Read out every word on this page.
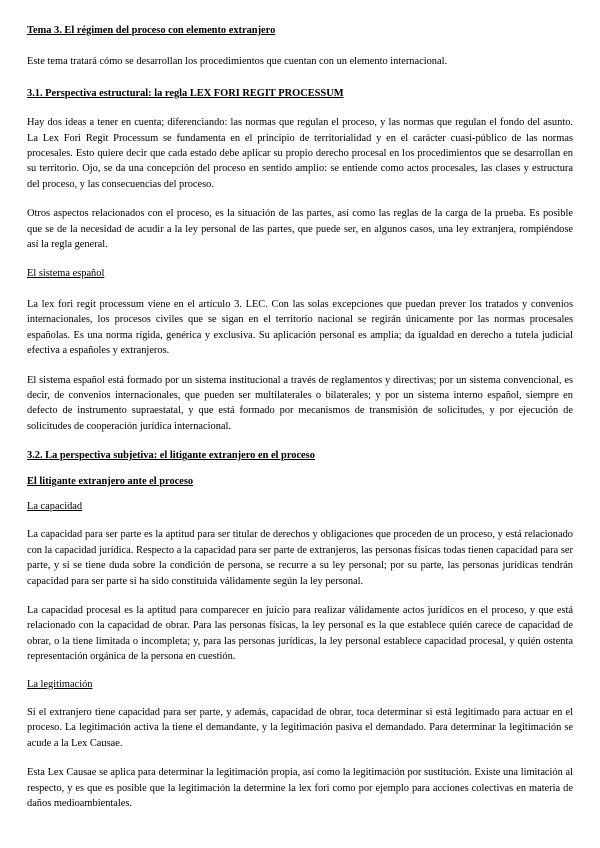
Tema 3. El régimen del proceso con elemento extranjero

Este tema tratará cómo se desarrollan los procedimientos que cuentan con un elemento internacional.

3.1. Perspectiva estructural: la regla LEX FORI REGIT PROCESSUM

Hay dos ideas a tener en cuenta; diferenciando: las normas que regulan el proceso, y las normas que regulan el fondo del asunto. La Lex Fori Regit Processum se fundamenta en el principio de territorialidad y en el carácter cuasi-público de las normas procesales. Esto quiere decir que cada estado debe aplicar su propio derecho procesal en los procedimientos que se desarrollan en su territorio. Ojo, se da una concepción del proceso en sentido amplio: se entiende como actos procesales, las clases y estructura del proceso, y las consecuencias del proceso.

Otros aspectos relacionados con el proceso, es la situación de las partes, así como las reglas de la carga de la prueba. Es posible que se de la necesidad de acudir a la ley personal de las partes, que puede ser, en algunos casos, una ley extranjera, rompiéndose así la regla general.

El sistema español

La lex fori regit processum viene en el artículo 3. LEC. Con las solas excepciones que puedan prever los tratados y convenios internacionales, los procesos civiles que se sigan en el territorio nacional se regirán únicamente por las normas procesales españolas. Es una norma rígida, genérica y exclusiva. Su aplicación personal es amplia; da igualdad en derecho a tutela judicial efectiva a españoles y extranjeros.

El sistema español está formado por un sistema institucional a través de reglamentos y directivas; por un sistema convencional, es decir, de convenios internacionales, que pueden ser multilaterales o bilaterales; y por un sistema interno español, siempre en defecto de instrumento supraestatal, y que está formado por mecanismos de transmisión de solicitudes, y por ejecución de solicitudes de cooperación jurídica internacional.

3.2. La perspectiva subjetiva: el litigante extranjero en el proceso

El litigante extranjero ante el proceso

La capacidad

La capacidad para ser parte es la aptitud para ser titular de derechos y obligaciones que proceden de un proceso, y está relacionado con la capacidad jurídica. Respecto a la capacidad para ser parte de extranjeros, las personas físicas todas tienen capacidad para ser parte, y si se tiene duda sobre la condición de persona, se recurre a su ley personal; por su parte, las personas jurídicas tendrán capacidad para ser parte si ha sido constituida válidamente según la ley personal.

La capacidad procesal es la aptitud para comparecer en juicio para realizar válidamente actos jurídicos en el proceso, y que está relacionado con la capacidad de obrar. Para las personas físicas, la ley personal es la que establece quién carece de capacidad de obrar, o la tiene limitada o incompleta; y, para las personas jurídicas, la ley personal establece capacidad procesal, y quién ostenta representación orgánica de la persona en cuestión.

La legitimación

Si el extranjero tiene capacidad para ser parte, y además, capacidad de obrar, toca determinar si está legitimado para actuar en el proceso. La legitimación activa la tiene el demandante, y la legitimación pasiva el demandado. Para determinar la legitimación se acude a la Lex Causae.

Esta Lex Causae se aplica para determinar la legitimación propia, así como la legitimación por sustitución. Existe una limitación al respecto, y es que es posible que la legitimación la determine la lex fori como por ejemplo para acciones colectivas en materia de daños medioambientales.
